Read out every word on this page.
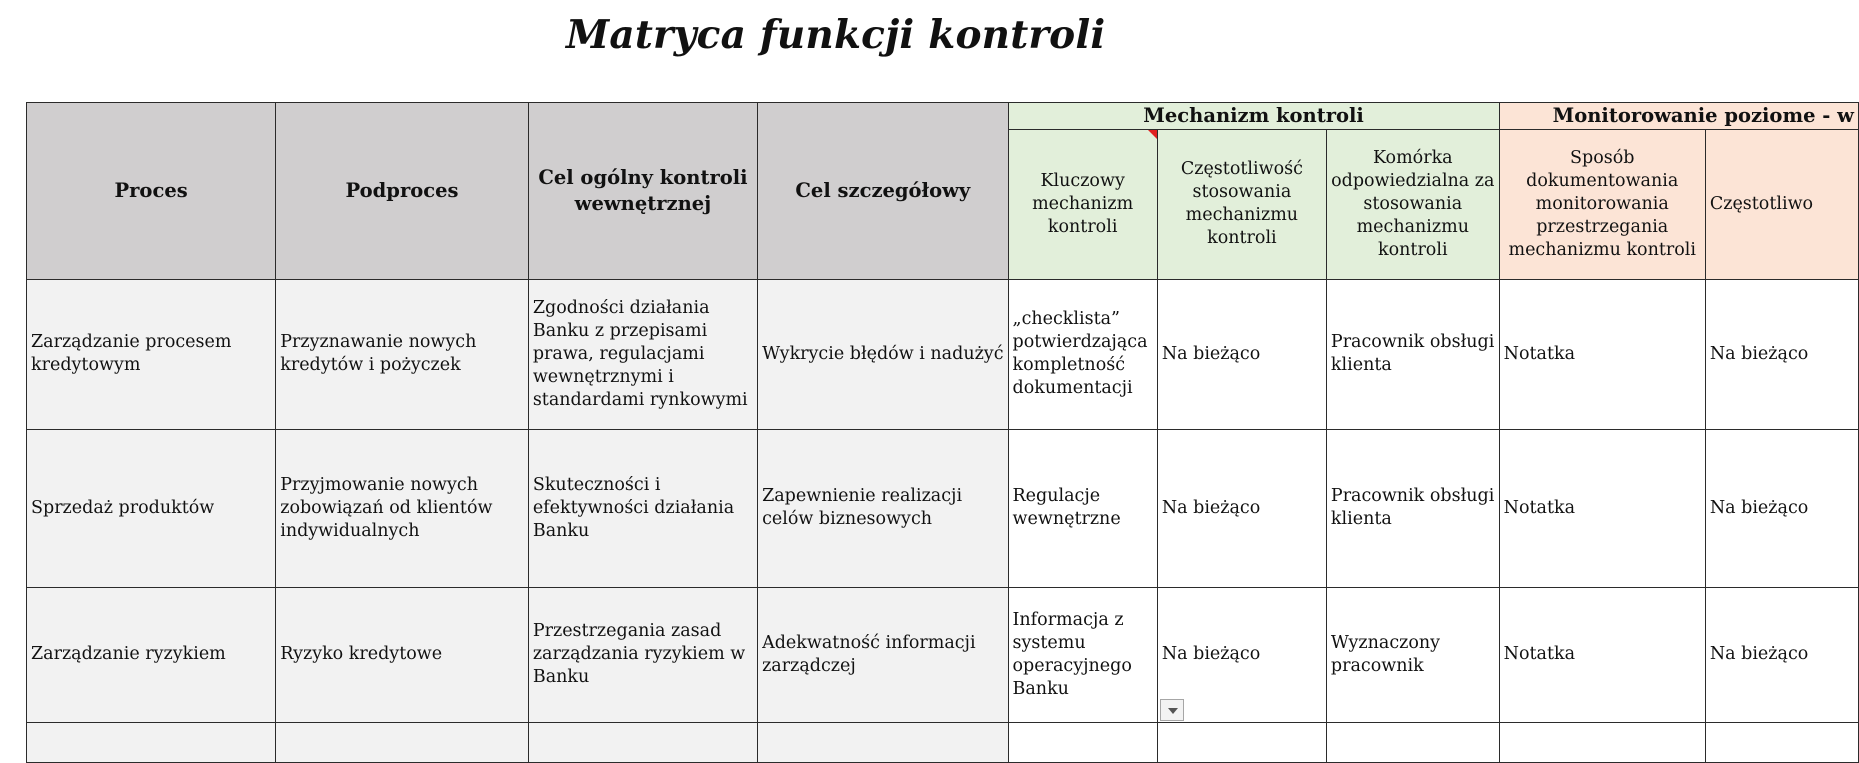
Matryca funkcji kontroli
Proces	Podproces	Cel ogólny kontroli wewnętrznej	Cel szczegółowy	Mechanizm kontroli			Monitorowanie poziome - w	
				Kluczowy mechanizm kontroli	Częstotliwość stosowania mechanizmu kontroli	Komórka odpowiedzialna za stosowania mechanizmu kontroli	Sposób dokumentowania monitorowania przestrzegania mechanizmu kontroli	Częstotliwo
Zarządzanie procesem kredytowym	Przyznawanie nowych kredytów i pożyczek	Zgodności działania Banku z przepisami prawa, regulacjami wewnętrznymi i standardami rynkowymi	Wykrycie błędów i nadużyć	„checklista” potwierdzająca kompletność dokumentacji	Na bieżąco	Pracownik obsługi klienta	Notatka	Na bieżąco
Sprzedaż produktów	Przyjmowanie nowych zobowiązań od klientów indywidualnych	Skuteczności i efektywności działania Banku	Zapewnienie realizacji celów biznesowych	Regulacje wewnętrzne	Na bieżąco	Pracownik obsługi klienta	Notatka	Na bieżąco
Zarządzanie ryzykiem	Ryzyko kredytowe	Przestrzegania zasad zarządzania ryzykiem w Banku	Adekwatność informacji zarządczej	Informacja z systemu operacyjnego Banku	Na bieżąco	Wyznaczony pracownik	Notatka	Na bieżąco
